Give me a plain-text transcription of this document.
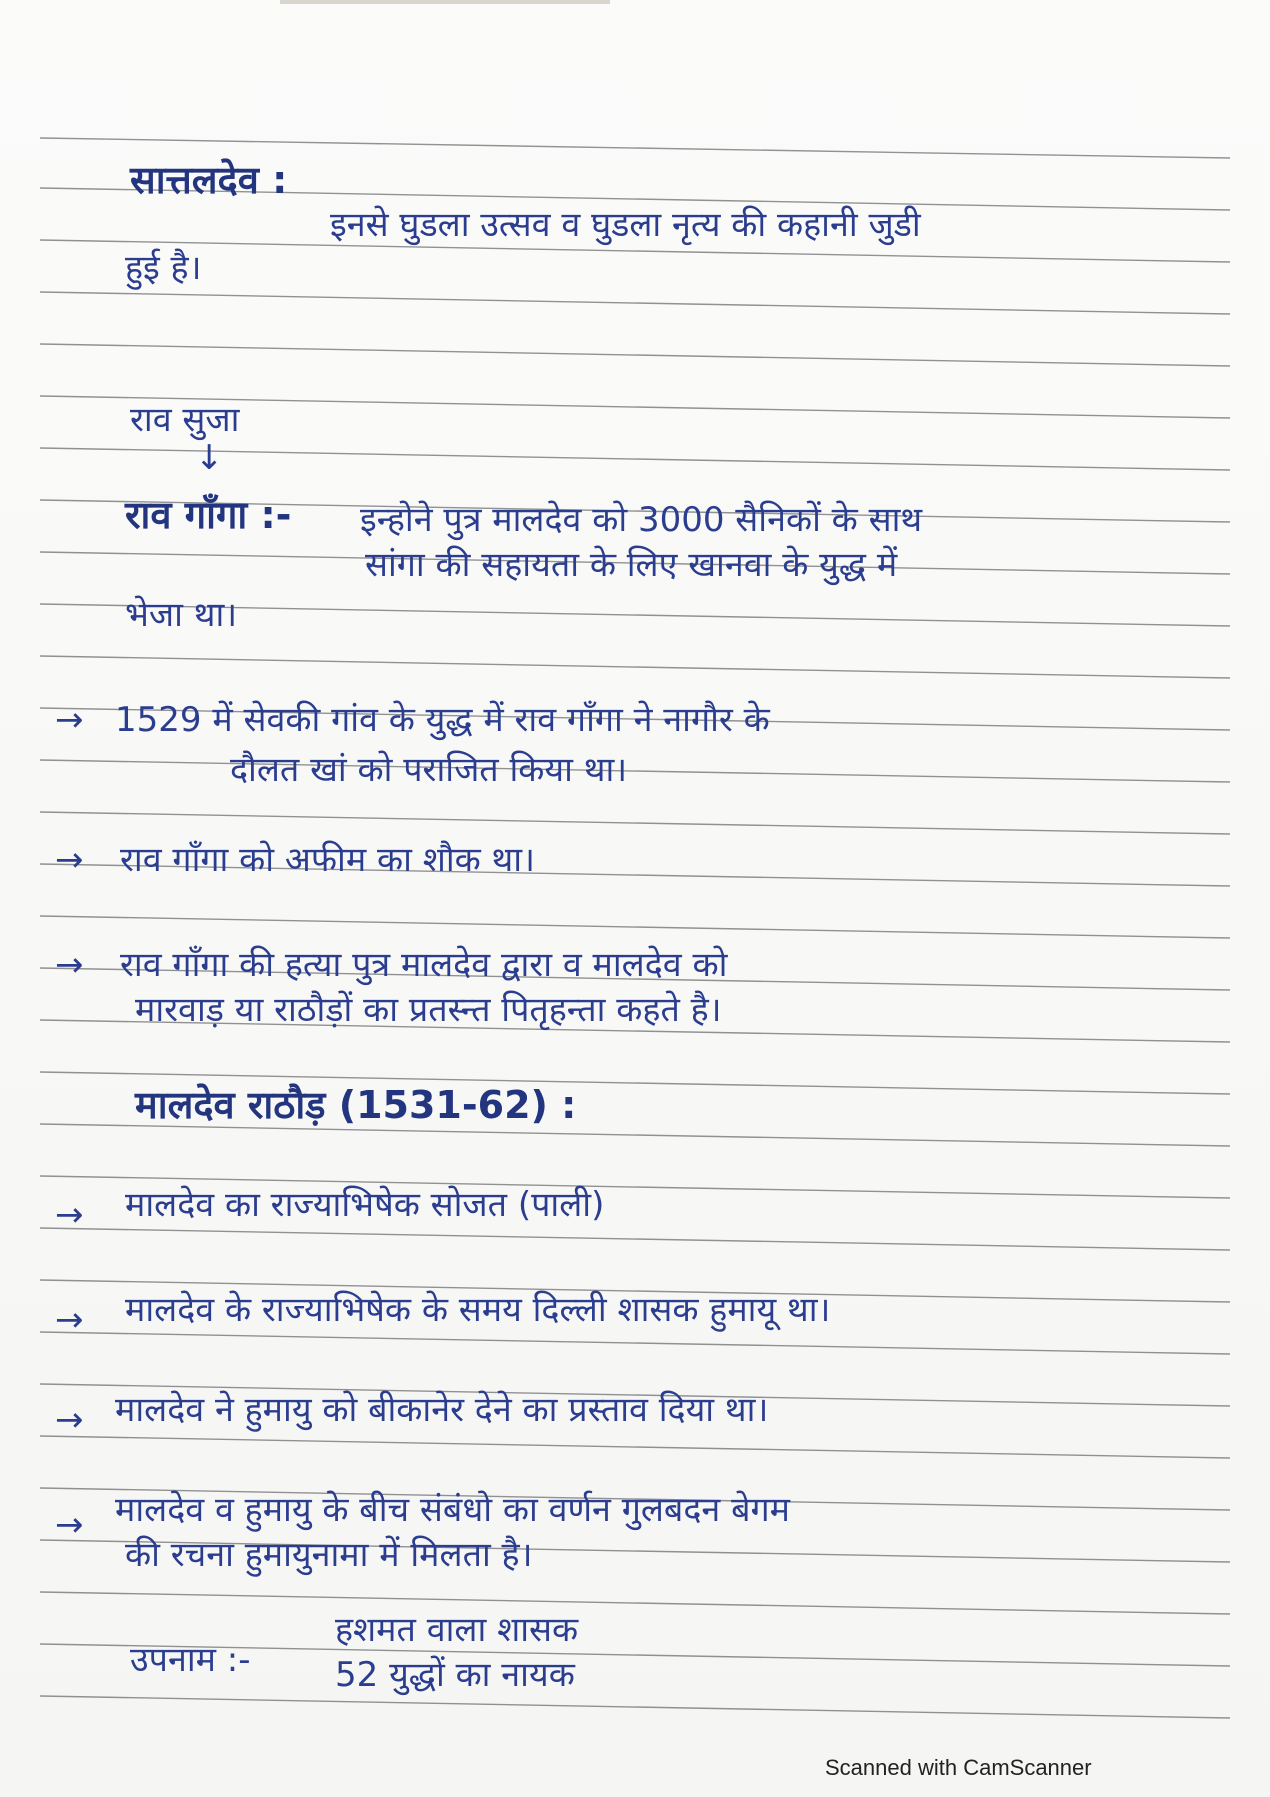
सात्तलदेव :
इनसे घुडला उत्सव व घुडला नृत्य की कहानी जुडी
हुई है।
राव सुजा
↓
राव गाँगा :- इन्होने पुत्र मालदेव को 3000 सैनिकों के साथ
सांगा की सहायता के लिए खानवा के युद्ध में
भेजा था।
→ 1529 में सेवकी गांव के युद्ध में राव गाँगा ने नागौर के
दौलत खां को पराजित किया था।
→ राव गाँगा को अफीम का शौक था।
→ राव गाँगा की हत्या पुत्र मालदेव द्वारा व मालदेव को
मारवाड़ या राठौड़ों का प्रतस्न्त पितृहन्ता कहते है।
मालदेव राठौड़ (1531-62) :
→ मालदेव का राज्याभिषेक सोजत (पाली)
→ मालदेव के राज्याभिषेक के समय दिल्ली शासक हुमायू था।
→ मालदेव ने हुमायु को बीकानेर देने का प्रस्ताव दिया था।
→ मालदेव व हुमायु के बीच संबंधो का वर्णन गुलबदन बेगम
की रचना हुमायुनामा में मिलता है।
उपनाम :-
हशमत वाला शासक
52 युद्धों का नायक
Scanned with CamScanner
